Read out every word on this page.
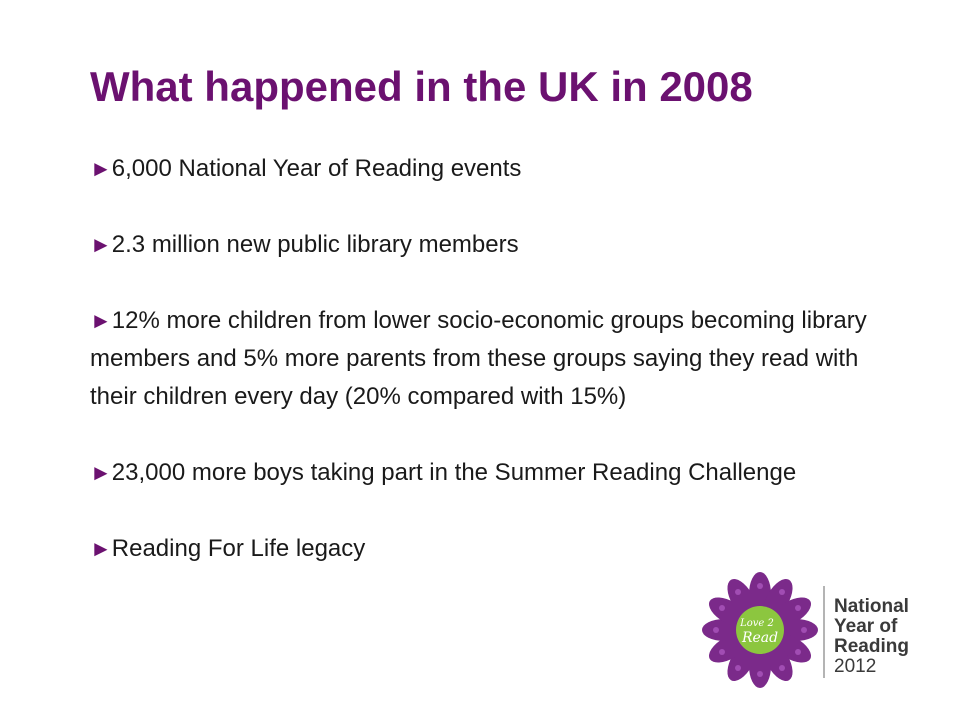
What happened in the UK in 2008
►6,000 National Year of Reading events
►2.3 million new public library members
►12% more children from lower socio-economic groups becoming library members and 5% more parents from these groups saying they read with their children every day (20% compared with 15%)
►23,000 more boys taking part in the Summer Reading Challenge
►Reading For Life legacy
Love 2
Read
National
Year of
Reading
2012
